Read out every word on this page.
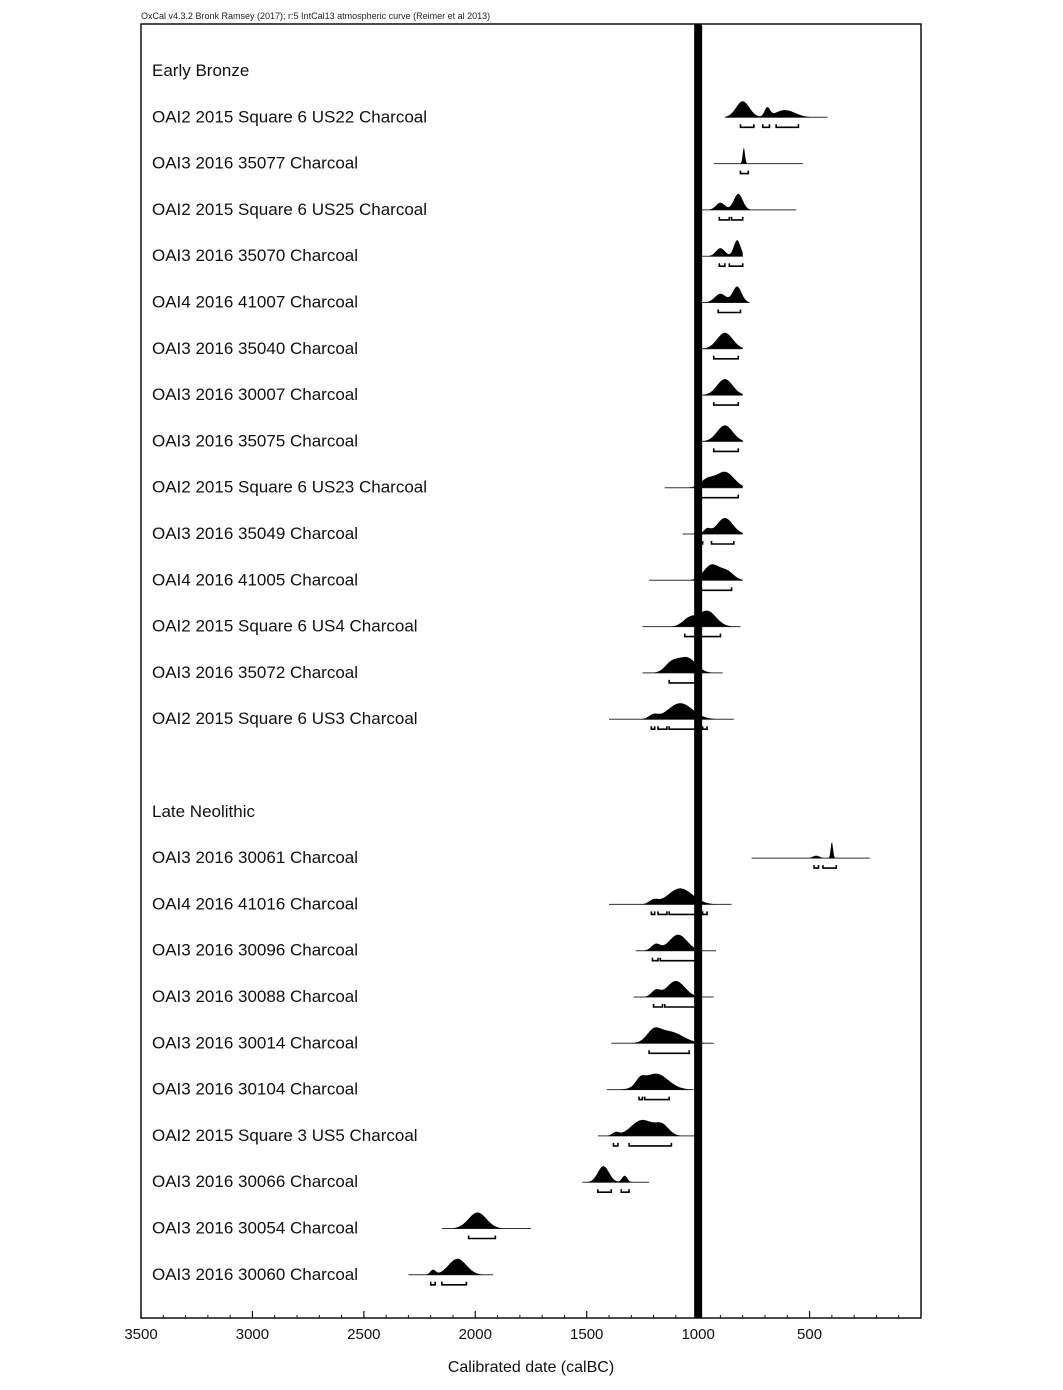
OxCal v4.3.2 Bronk Ramsey (2017); r:5 IntCal13 atmospheric curve (Reimer et al 2013)
3500	3000	2500	2000	1500	1000	500
Early Bronze
OAI2 2015 Square 6 US22 Charcoal
OAI3 2016 35077 Charcoal
OAI2 2015 Square 6 US25 Charcoal
OAI3 2016 35070 Charcoal
OAI4 2016 41007 Charcoal
OAI3 2016 35040 Charcoal
OAI3 2016 30007 Charcoal
OAI3 2016 35075 Charcoal
OAI2 2015 Square 6 US23 Charcoal
OAI3 2016 35049 Charcoal
OAI4 2016 41005 Charcoal
OAI2 2015 Square 6 US4 Charcoal
OAI3 2016 35072 Charcoal
OAI2 2015 Square 6 US3 Charcoal
Late Neolithic
OAI3 2016 30061 Charcoal
OAI4 2016 41016 Charcoal
OAI3 2016 30096 Charcoal
OAI3 2016 30088 Charcoal
OAI3 2016 30014 Charcoal
OAI3 2016 30104 Charcoal
OAI2 2015 Square 3 US5 Charcoal
OAI3 2016 30066 Charcoal
OAI3 2016 30054 Charcoal
OAI3 2016 30060 Charcoal
Calibrated date (calBC)
